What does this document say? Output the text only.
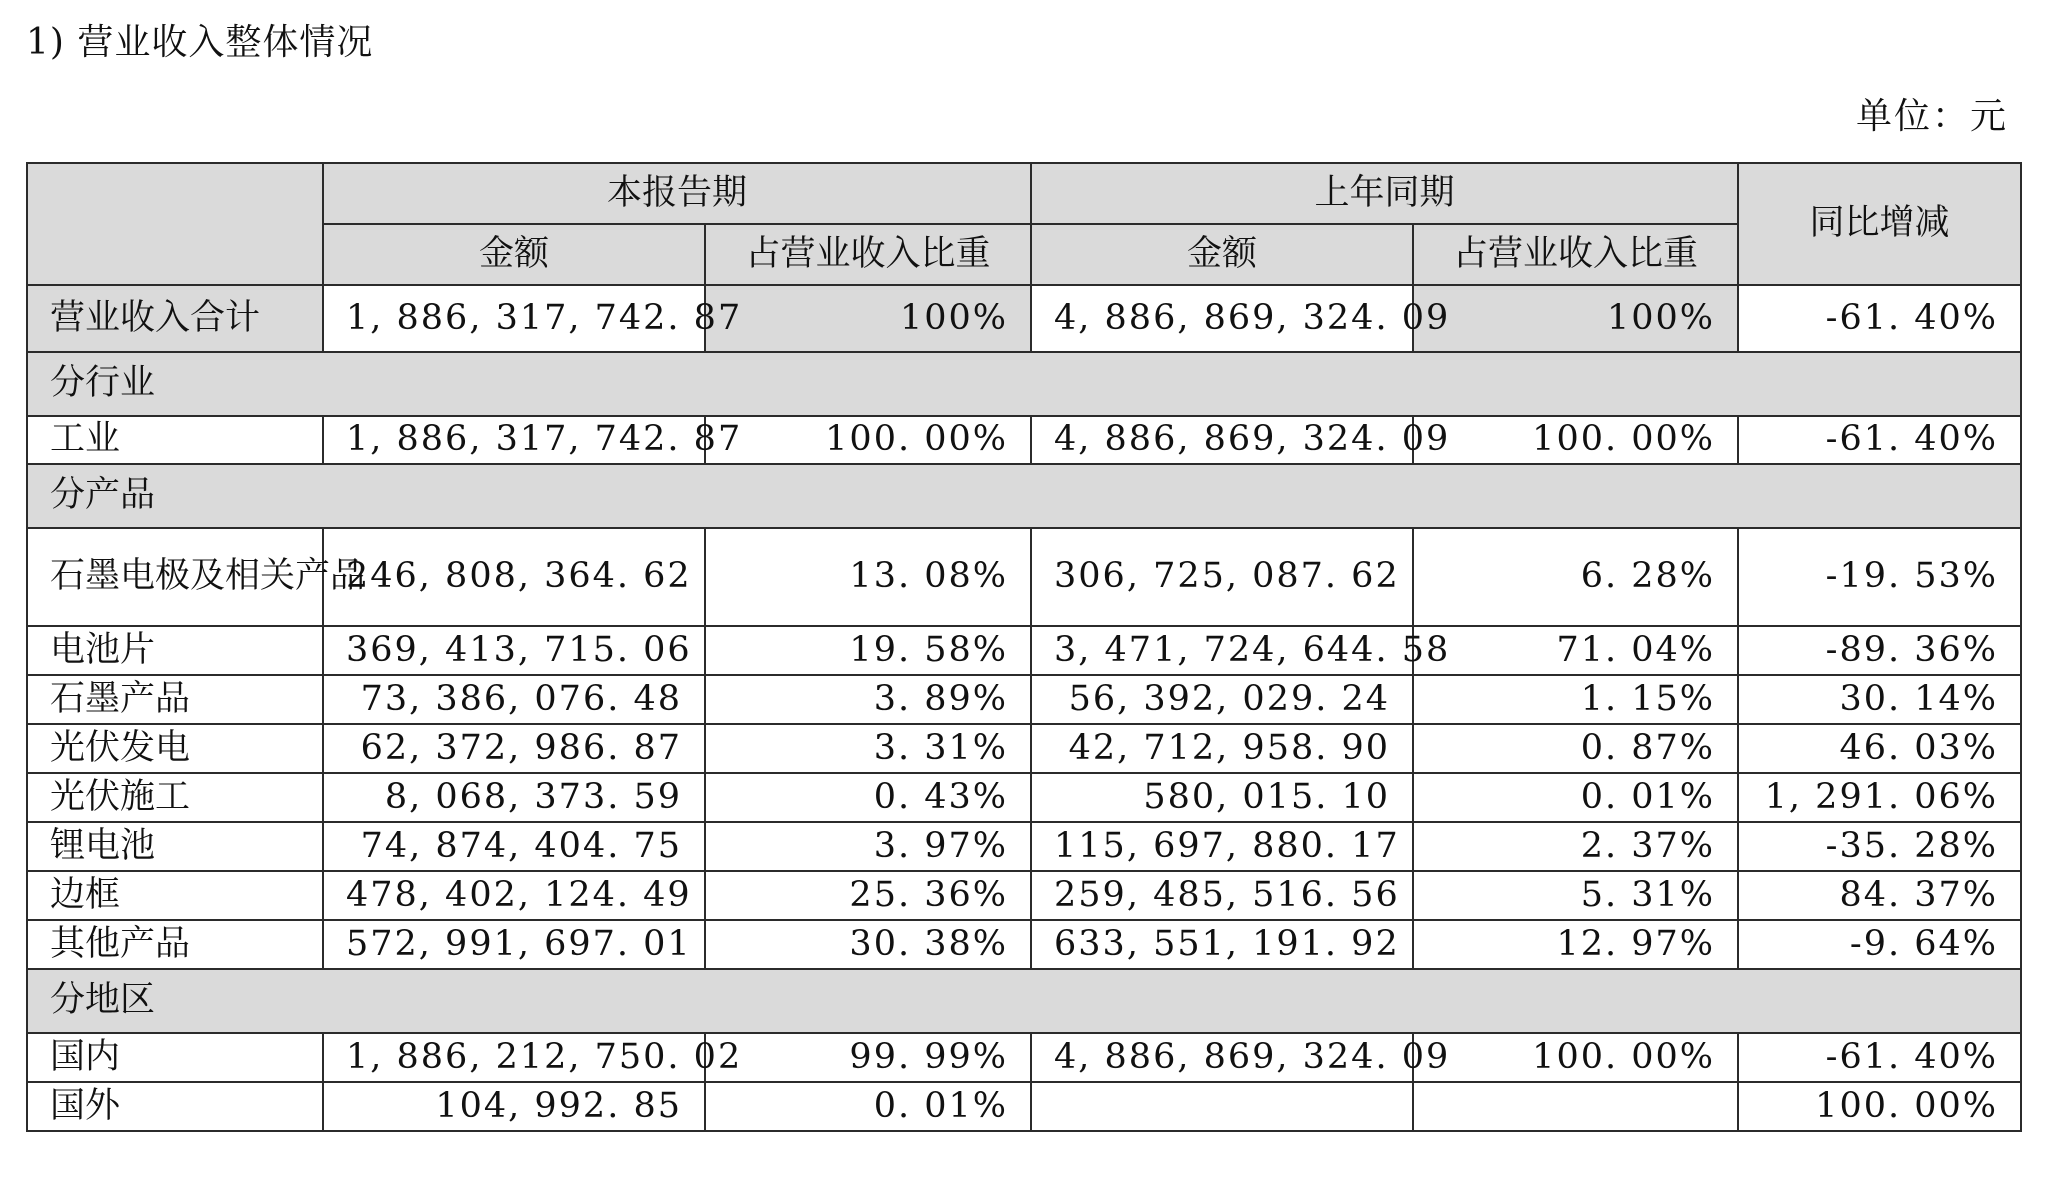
1) 营业收入整体情况
单位：元
	本报告期		上年同期		同比增减
	金额	占营业收入比重	金额	占营业收入比重	
营业收入合计	1, 886, 317, 742. 87	100%	4, 886, 869, 324. 09	100%	-61. 40%
分行业					
工业	1, 886, 317, 742. 87	100. 00%	4, 886, 869, 324. 09	100. 00%	-61. 40%
分产品					
石墨电极及相关产品	246, 808, 364. 62	13. 08%	306, 725, 087. 62	6. 28%	-19. 53%
电池片	369, 413, 715. 06	19. 58%	3, 471, 724, 644. 58	71. 04%	-89. 36%
石墨产品	73, 386, 076. 48	3. 89%	56, 392, 029. 24	1. 15%	30. 14%
光伏发电	62, 372, 986. 87	3. 31%	42, 712, 958. 90	0. 87%	46. 03%
光伏施工	8, 068, 373. 59	0. 43%	580, 015. 10	0. 01%	1, 291. 06%
锂电池	74, 874, 404. 75	3. 97%	115, 697, 880. 17	2. 37%	-35. 28%
边框	478, 402, 124. 49	25. 36%	259, 485, 516. 56	5. 31%	84. 37%
其他产品	572, 991, 697. 01	30. 38%	633, 551, 191. 92	12. 97%	-9. 64%
分地区					
国内	1, 886, 212, 750. 02	99. 99%	4, 886, 869, 324. 09	100. 00%	-61. 40%
国外	104, 992. 85	0. 01%			100. 00%
